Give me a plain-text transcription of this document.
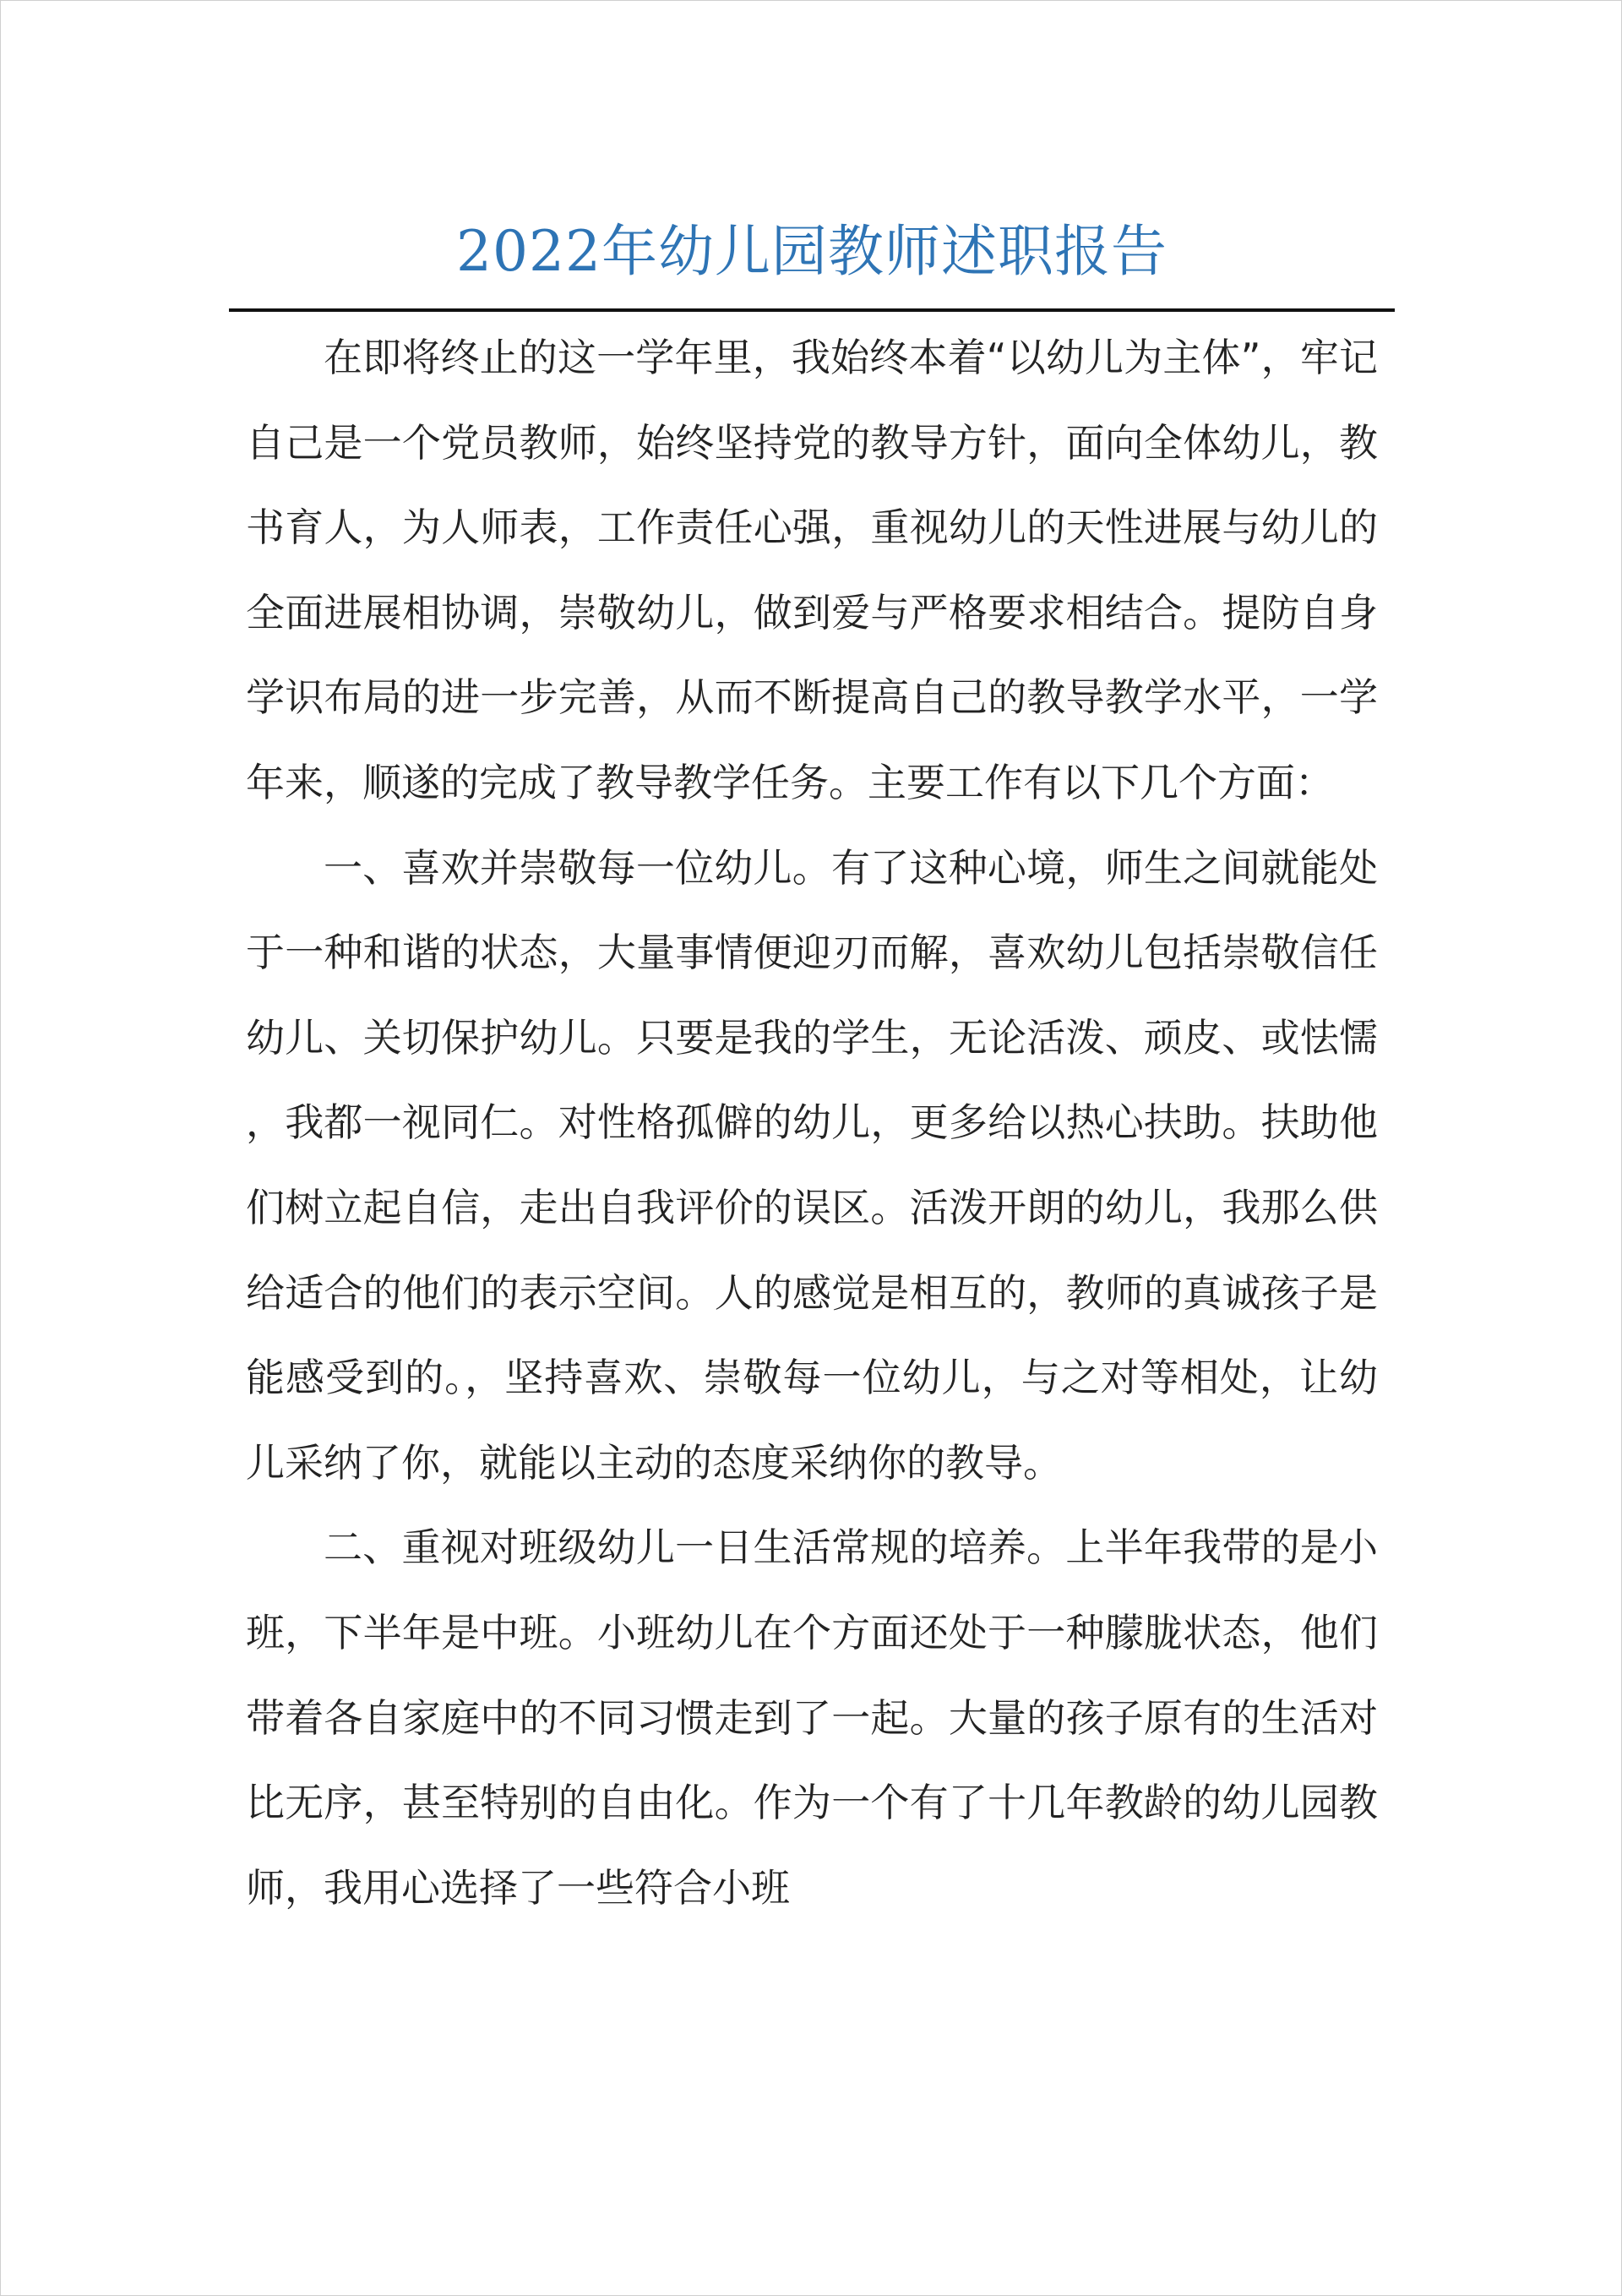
2022年幼儿园教师述职报告

在即将终止的这一学年里，我始终本着“以幼儿为主体”，牢记自己是一个党员教师，始终坚持党的教导方针，面向全体幼儿，教书育人，为人师表，工作责任心强，重视幼儿的天性进展与幼儿的全面进展相协调，崇敬幼儿，做到爱与严格要求相结合。提防自身学识布局的进一步完善，从而不断提高自己的教导教学水平，一学年来，顺遂的完成了教导教学任务。主要工作有以下几个方面：

一、喜欢并崇敬每一位幼儿。有了这种心境，师生之间就能处于一种和谐的状态，大量事情便迎刃而解，喜欢幼儿包括崇敬信任幼儿、关切保护幼儿。只要是我的学生，无论活泼、顽皮、或怯懦 ，我都一视同仁。对性格孤僻的幼儿，更多给以热心扶助。扶助他们树立起自信，走出自我评价的误区。活泼开朗的幼儿，我那么供给适合的他们的表示空间。人的感觉是相互的，教师的真诚孩子是能感受到的。，坚持喜欢、崇敬每一位幼儿，与之对等相处，让幼儿采纳了你，就能以主动的态度采纳你的教导。

二、重视对班级幼儿一日生活常规的培养。上半年我带的是小班，下半年是中班。小班幼儿在个方面还处于一种朦胧状态，他们带着各自家庭中的不同习惯走到了一起。大量的孩子原有的生活对比无序，甚至特别的自由化。作为一个有了十几年教龄的幼儿园教师，我用心选择了一些符合小班
